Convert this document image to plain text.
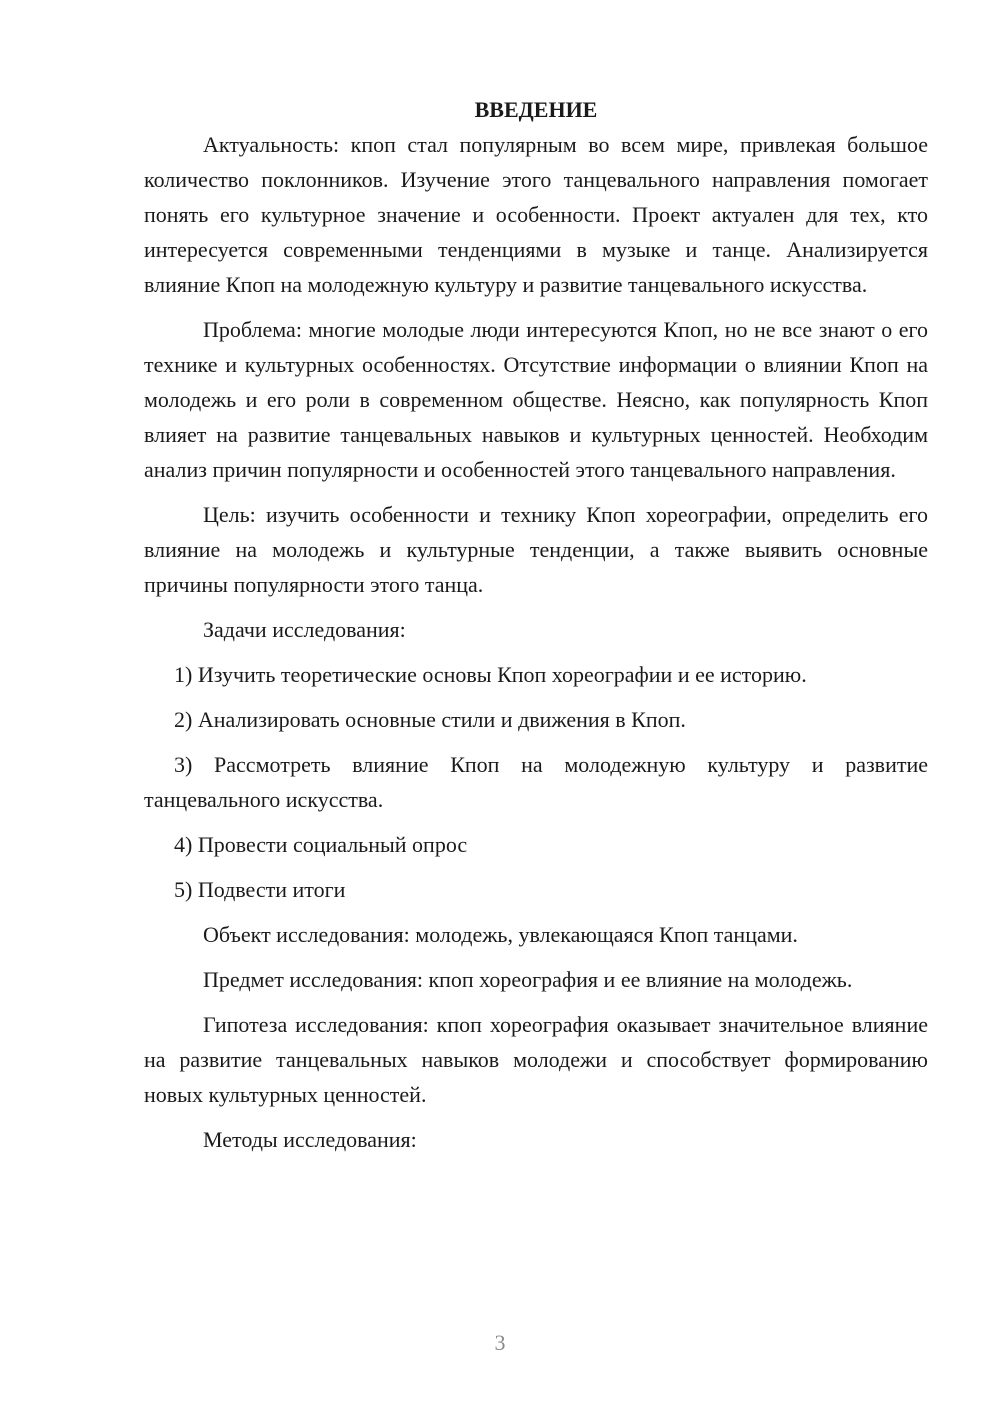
ВВЕДЕНИЕ

Актуальность: кпоп стал популярным во всем мире, привлекая большое количество поклонников. Изучение этого танцевального направления помогает понять его культурное значение и особенности. Проект актуален для тех, кто интересуется современными тенденциями в музыке и танце. Анализируется влияние Кпоп на молодежную культуру и развитие танцевального искусства.

Проблема: многие молодые люди интересуются Кпоп, но не все знают о его технике и культурных особенностях. Отсутствие информации о влиянии Кпоп на молодежь и его роли в современном обществе. Неясно, как популярность Кпоп влияет на развитие танцевальных навыков и культурных ценностей. Необходим анализ причин популярности и особенностей этого танцевального направления.

Цель: изучить особенности и технику Кпоп хореографии, определить его влияние на молодежь и культурные тенденции, а также выявить основные причины популярности этого танца.

Задачи исследования:

1) Изучить теоретические основы Кпоп хореографии и ее историю.

2) Анализировать основные стили и движения в Кпоп.

3) Рассмотреть влияние Кпоп на молодежную культуру и развитие танцевального искусства.

4) Провести социальный опрос

5) Подвести итоги

Объект исследования: молодежь, увлекающаяся Кпоп танцами.

Предмет исследования: кпоп хореография и ее влияние на молодежь.

Гипотеза исследования: кпоп хореография оказывает значительное влияние на развитие танцевальных навыков молодежи и способствует формированию новых культурных ценностей.

Методы исследования:

3
